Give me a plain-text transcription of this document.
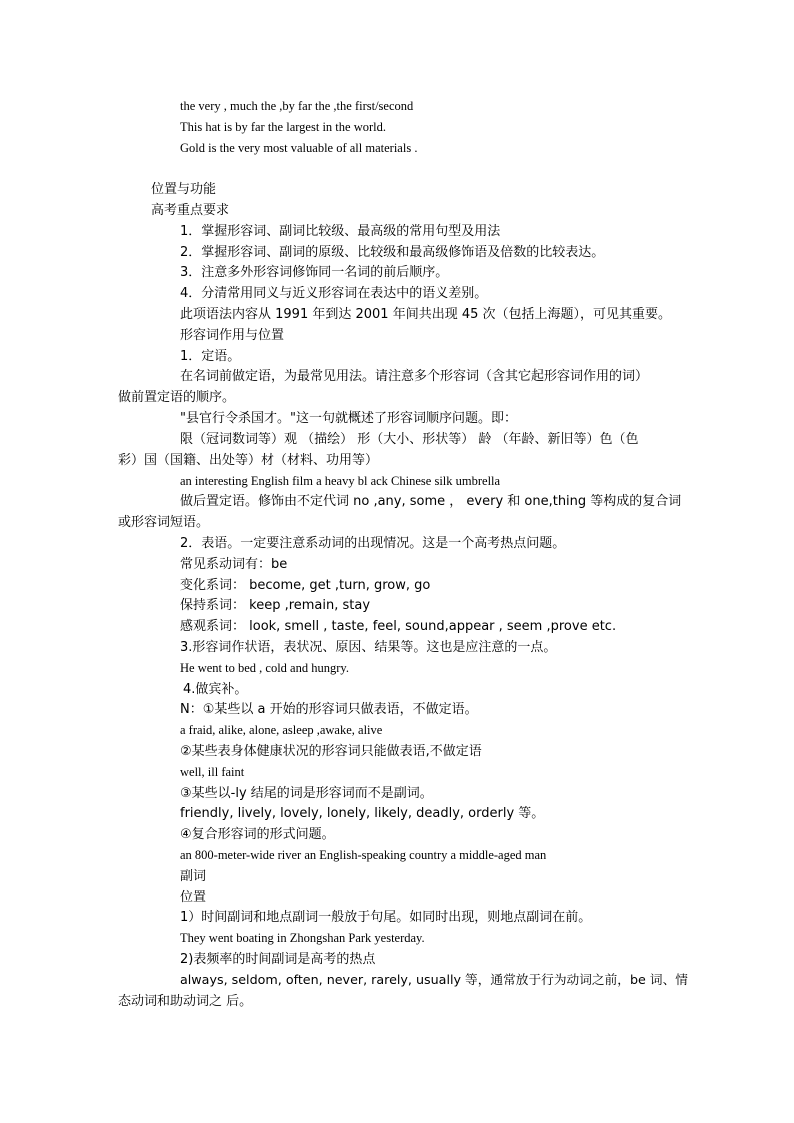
the very , much the ,by far the ,the first/second
This hat is by far the largest in the world.
Gold is the very most valuable of all materials .
位置与功能
高考重点要求
1．掌握形容词、副词比较级、最高级的常用句型及用法
2．掌握形容词、副词的原级、比较级和最高级修饰语及倍数的比较表达。
3．注意多外形容词修饰同一名词的前后顺序。
4．分清常用同义与近义形容词在表达中的语义差别。
此项语法内容从 1991 年到达 2001 年间共出现 45 次（包括上海题），可见其重要。
形容词作用与位置
1．定语。
在名词前做定语，为最常见用法。请注意多个形容词（含其它起形容词作用的词）
做前置定语的顺序。
"县官行令杀国才。"这一句就概述了形容词顺序问题。即：
限（冠词数词等）观 （描绘） 形（大小、形状等） 龄 （年龄、新旧等）色（色
彩）国（国籍、出处等）材（材料、功用等）
an interesting English film a heavy bl ack Chinese silk umbrella
做后置定语。修饰由不定代词 no ,any, some ， every 和 one,thing 等构成的复合词
或形容词短语。
2．表语。一定要注意系动词的出现情况。这是一个高考热点问题。
常见系动词有：be
变化系词： become, get ,turn, grow, go
保持系词： keep ,remain, stay
感观系词： look, smell , taste, feel, sound,appear , seem ,prove etc.
3.形容词作状语，表状况、原因、结果等。这也是应注意的一点。
He went to bed , cold and hungry.
4.做宾补。
N：①某些以 a 开始的形容词只做表语，不做定语。
a fraid, alike, alone, asleep ,awake, alive
②某些表身体健康状况的形容词只能做表语,不做定语
well, ill faint
③某些以-ly 结尾的词是形容词而不是副词。
friendly, lively, lovely, lonely, likely, deadly, orderly 等。
④复合形容词的形式问题。
an 800-meter-wide river an English-speaking country a middle-aged man
副词
位置
1）时间副词和地点副词一般放于句尾。如同时出现，则地点副词在前。
They went boating in Zhongshan Park yesterday.
2)表频率的时间副词是高考的热点
always, seldom, often, never, rarely, usually 等，通常放于行为动词之前，be 词、情
态动词和助动词之 后。
